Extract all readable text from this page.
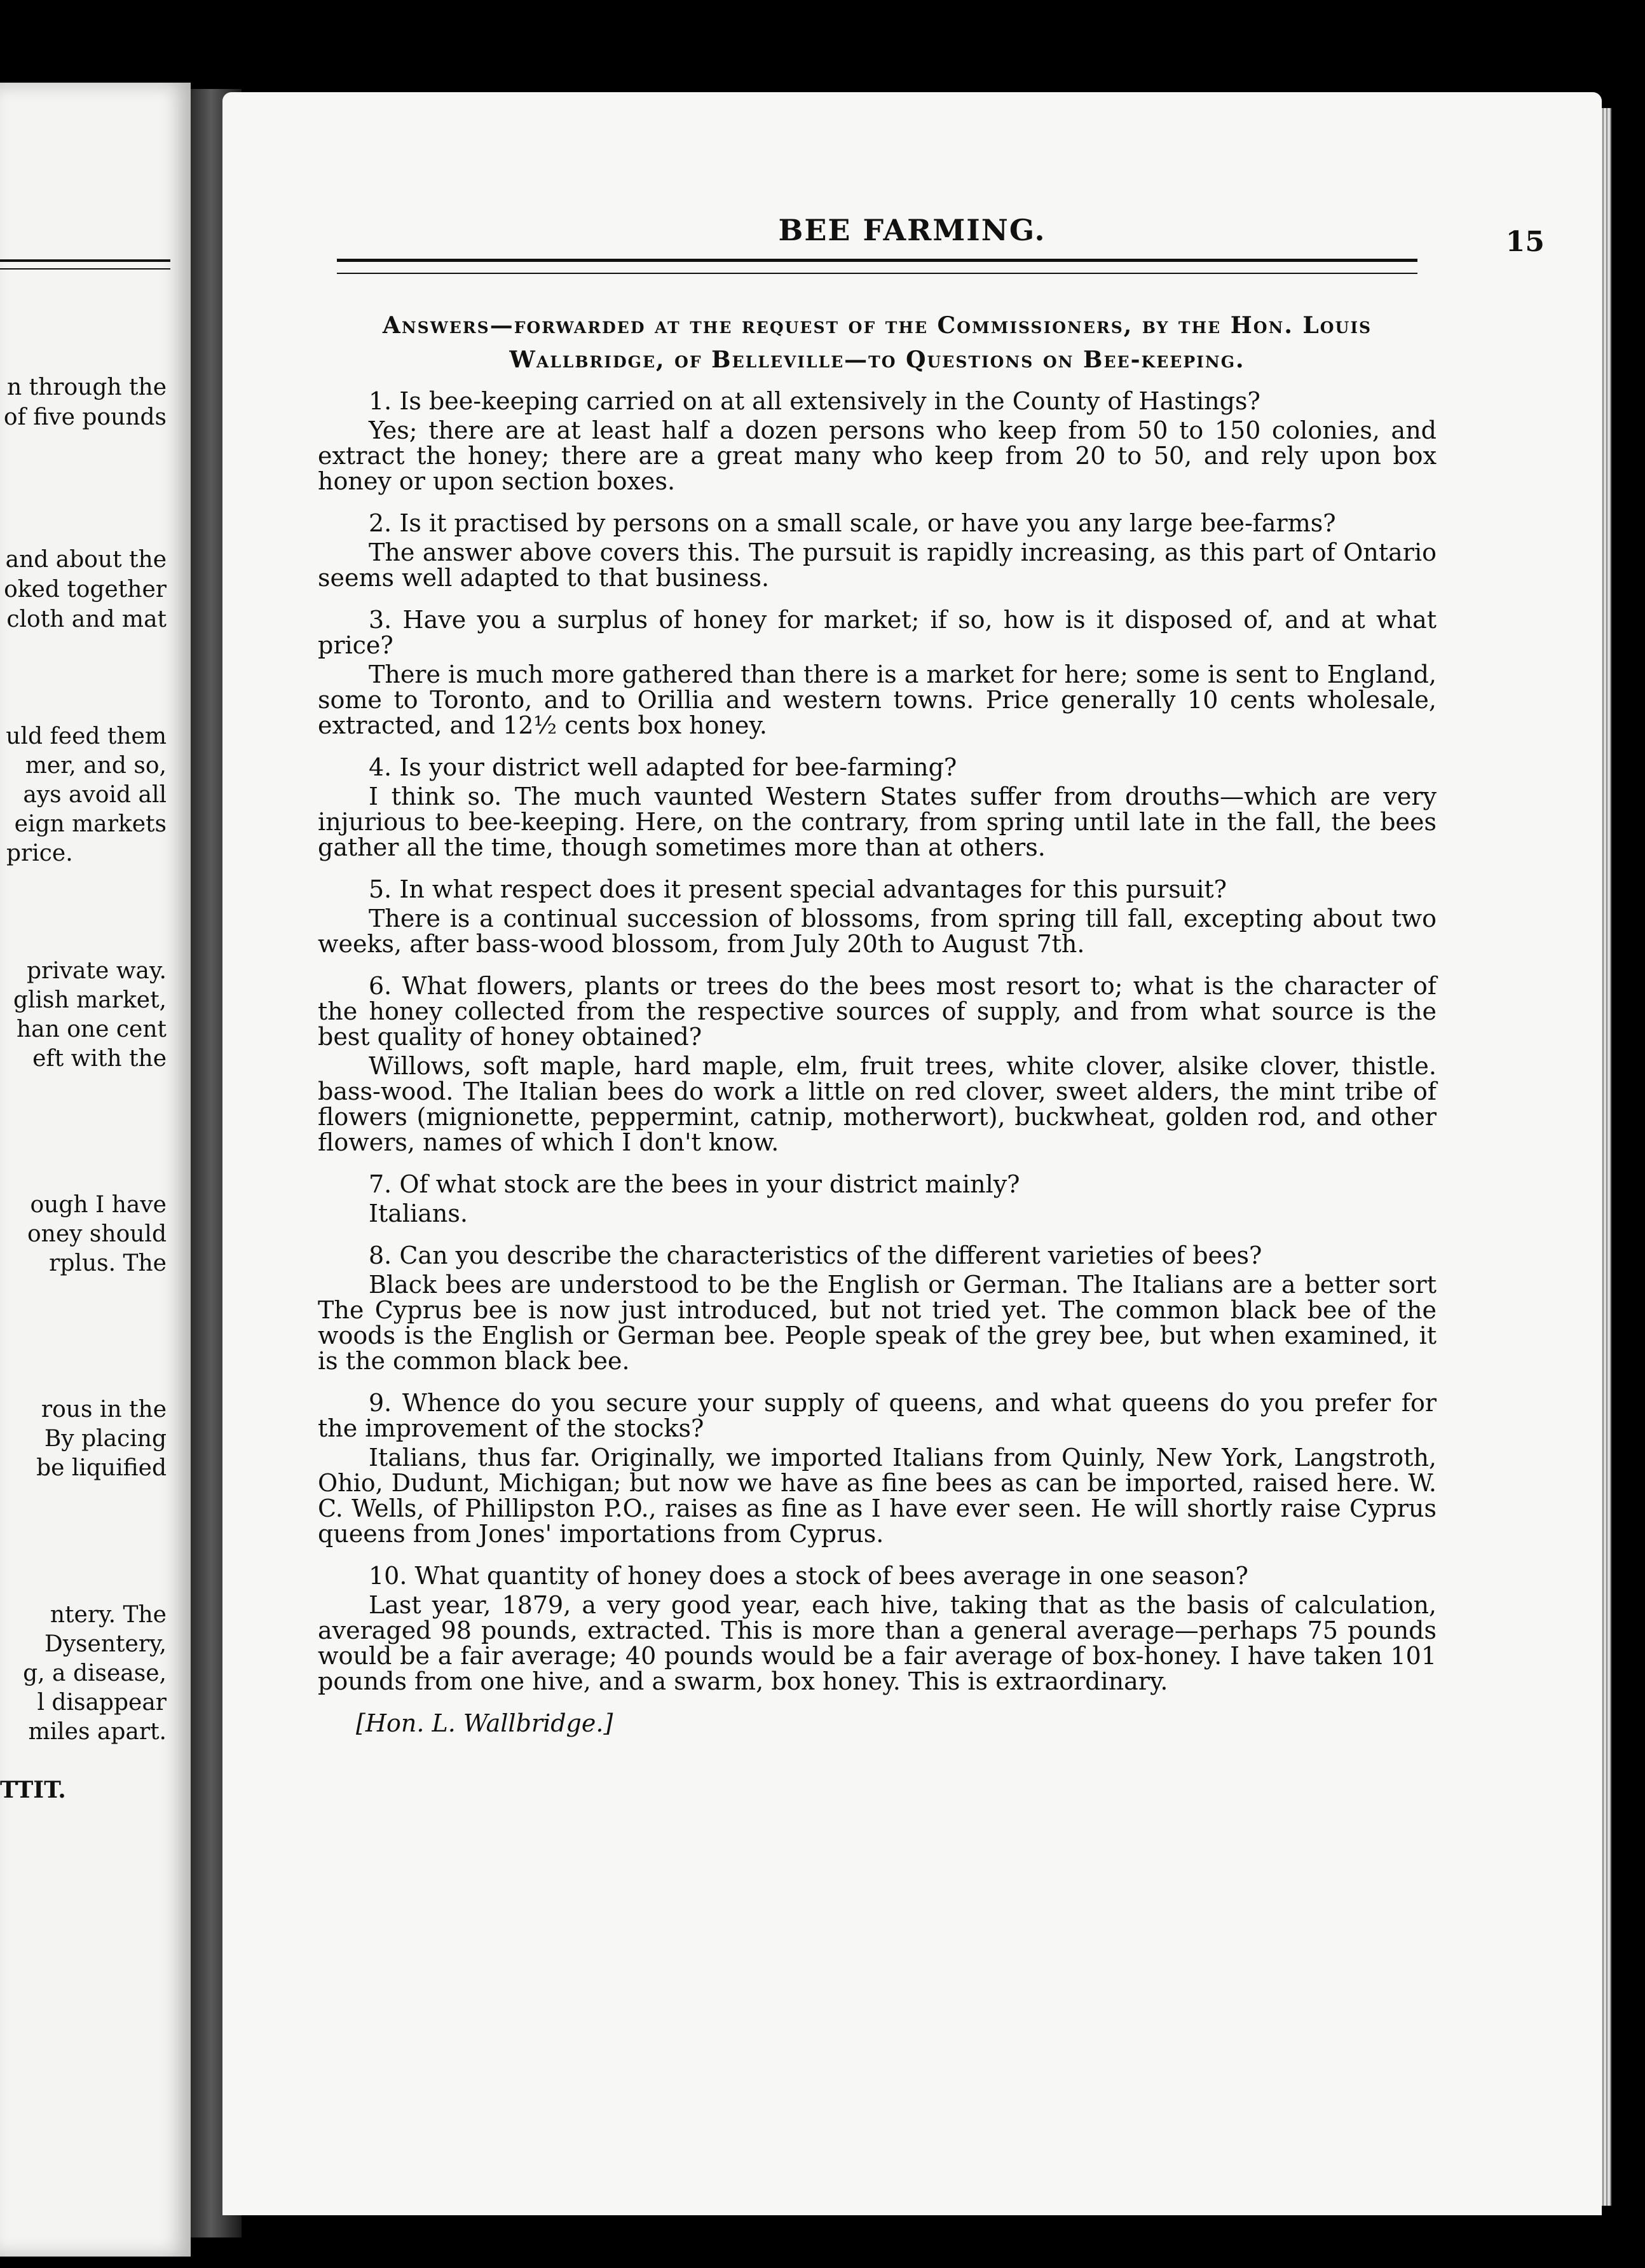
n through the
of five pounds
and about the
oked together
cloth and mat
uld feed them
mer, and so,
ays avoid all
eign markets
price.
private way.
glish market,
han one cent
eft with the
ough I have
oney should
rplus. The
rous in the
By placing
be liquified
ntery. The
Dysentery,
g, a disease,
l disappear
miles apart.
TTIT.
BEE FARMING.	15
Answers—forwarded at the request of the Commissioners, by the Hon. Louis
Wallbridge, of Belleville—to Questions on Bee-keeping.

1. Is bee-keeping carried on at all extensively in the County of Hastings?

Yes; there are at least half a dozen persons who keep from 50 to 150 colonies, and extract the honey; there are a great many who keep from 20 to 50, and rely upon box honey or upon section boxes.

2. Is it practised by persons on a small scale, or have you any large bee-farms?

The answer above covers this. The pursuit is rapidly increasing, as this part of Ontario seems well adapted to that business.

3. Have you a surplus of honey for market; if so, how is it disposed of, and at what price?

There is much more gathered than there is a market for here; some is sent to England, some to Toronto, and to Orillia and western towns. Price generally 10 cents wholesale, extracted, and 12½ cents box honey.

4. Is your district well adapted for bee-farming?

I think so. The much vaunted Western States suffer from drouths—which are very injurious to bee-keeping. Here, on the contrary, from spring until late in the fall, the bees gather all the time, though sometimes more than at others.

5. In what respect does it present special advantages for this pursuit?

There is a continual succession of blossoms, from spring till fall, excepting about two weeks, after bass-wood blossom, from July 20th to August 7th.

6. What flowers, plants or trees do the bees most resort to; what is the character of the honey collected from the respective sources of supply, and from what source is the best quality of honey obtained?

Willows, soft maple, hard maple, elm, fruit trees, white clover, alsike clover, thistle. bass-wood. The Italian bees do work a little on red clover, sweet alders, the mint tribe of flowers (mignionette, peppermint, catnip, motherwort), buckwheat, golden rod, and other flowers, names of which I don't know.

7. Of what stock are the bees in your district mainly?

Italians.

8. Can you describe the characteristics of the different varieties of bees?

Black bees are understood to be the English or German. The Italians are a better sort The Cyprus bee is now just introduced, but not tried yet. The common black bee of the woods is the English or German bee. People speak of the grey bee, but when examined, it is the common black bee.

9. Whence do you secure your supply of queens, and what queens do you prefer for the improvement of the stocks?

Italians, thus far. Originally, we imported Italians from Quinly, New York, Langstroth, Ohio, Dudunt, Michigan; but now we have as fine bees as can be imported, raised here. W. C. Wells, of Phillipston P.O., raises as fine as I have ever seen. He will shortly raise Cyprus queens from Jones' importations from Cyprus.

10. What quantity of honey does a stock of bees average in one season?

Last year, 1879, a very good year, each hive, taking that as the basis of calculation, averaged 98 pounds, extracted. This is more than a general average—perhaps 75 pounds would be a fair average; 40 pounds would be a fair average of box-honey. I have taken 101 pounds from one hive, and a swarm, box honey. This is extraordinary.

[Hon. L. Wallbridge.]
